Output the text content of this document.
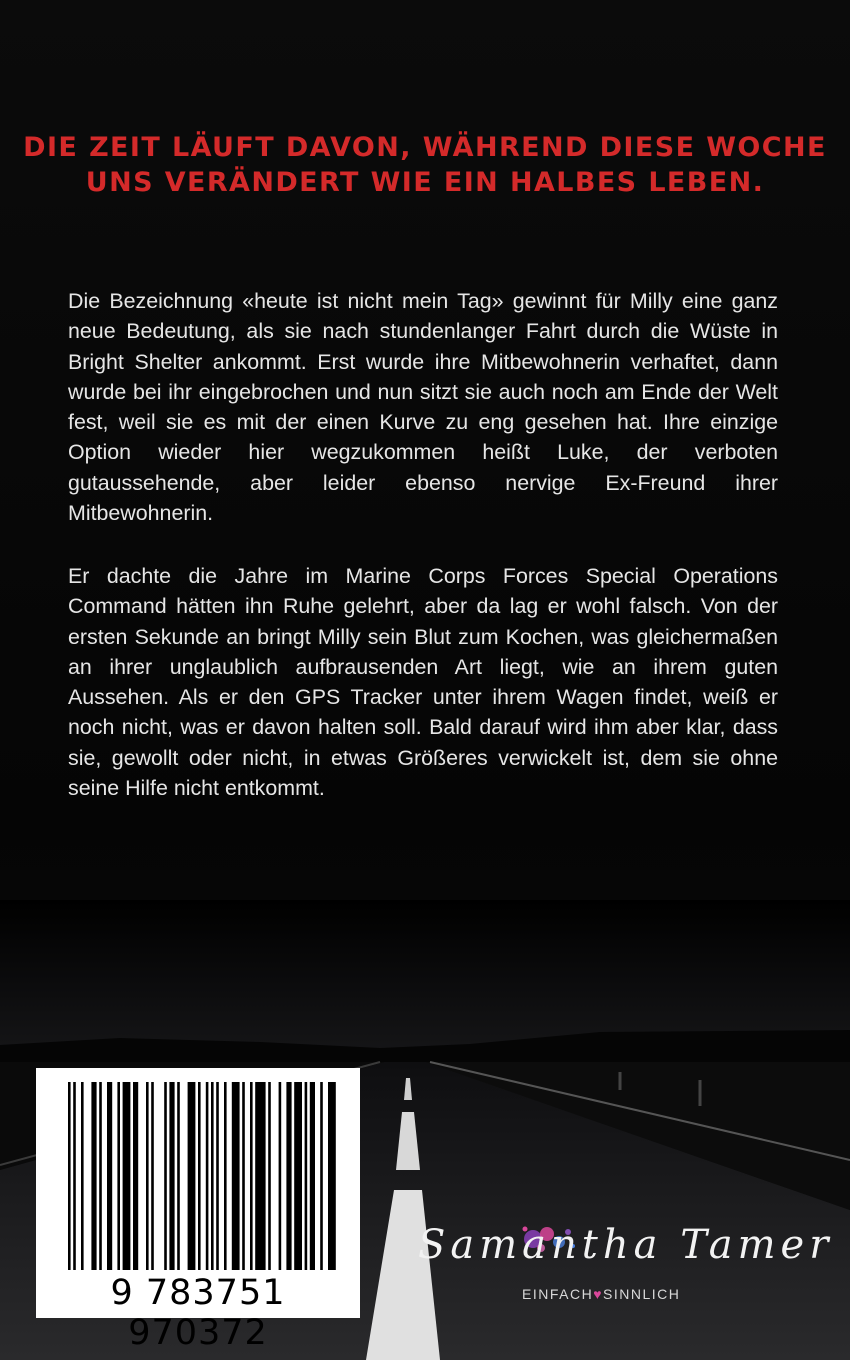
DIE ZEIT LÄUFT DAVON, WÄHREND DIESE WOCHE
UNS VERÄNDERT WIE EIN HALBES LEBEN.

Die Bezeichnung «heute ist nicht mein Tag» gewinnt für Milly eine ganz neue Bedeutung, als sie nach stundenlanger Fahrt durch die Wüste in Bright Shelter ankommt. Erst wurde ihre Mitbewohnerin verhaftet, dann wurde bei ihr eingebrochen und nun sitzt sie auch noch am Ende der Welt fest, weil sie es mit der einen Kurve zu eng gesehen hat. Ihre einzige Option wieder hier wegzukommen heißt Luke, der verboten gutaussehende, aber leider ebenso nervige Ex-Freund ihrer Mitbewohnerin.

Er dachte die Jahre im Marine Corps Forces Special Operations Command hätten ihn Ruhe gelehrt, aber da lag er wohl falsch. Von der ersten Sekunde an bringt Milly sein Blut zum Kochen, was gleichermaßen an ihrer unglaublich aufbrausenden Art liegt, wie an ihrem guten Aussehen. Als er den GPS Tracker unter ihrem Wagen findet, weiß er noch nicht, was er davon halten soll. Bald darauf wird ihm aber klar, dass sie, gewollt oder nicht, in etwas Größeres verwickelt ist, dem sie ohne seine Hilfe nicht entkommt.

9 783751 970372
Samantha Tamer
EINFACH♥SINNLICH
